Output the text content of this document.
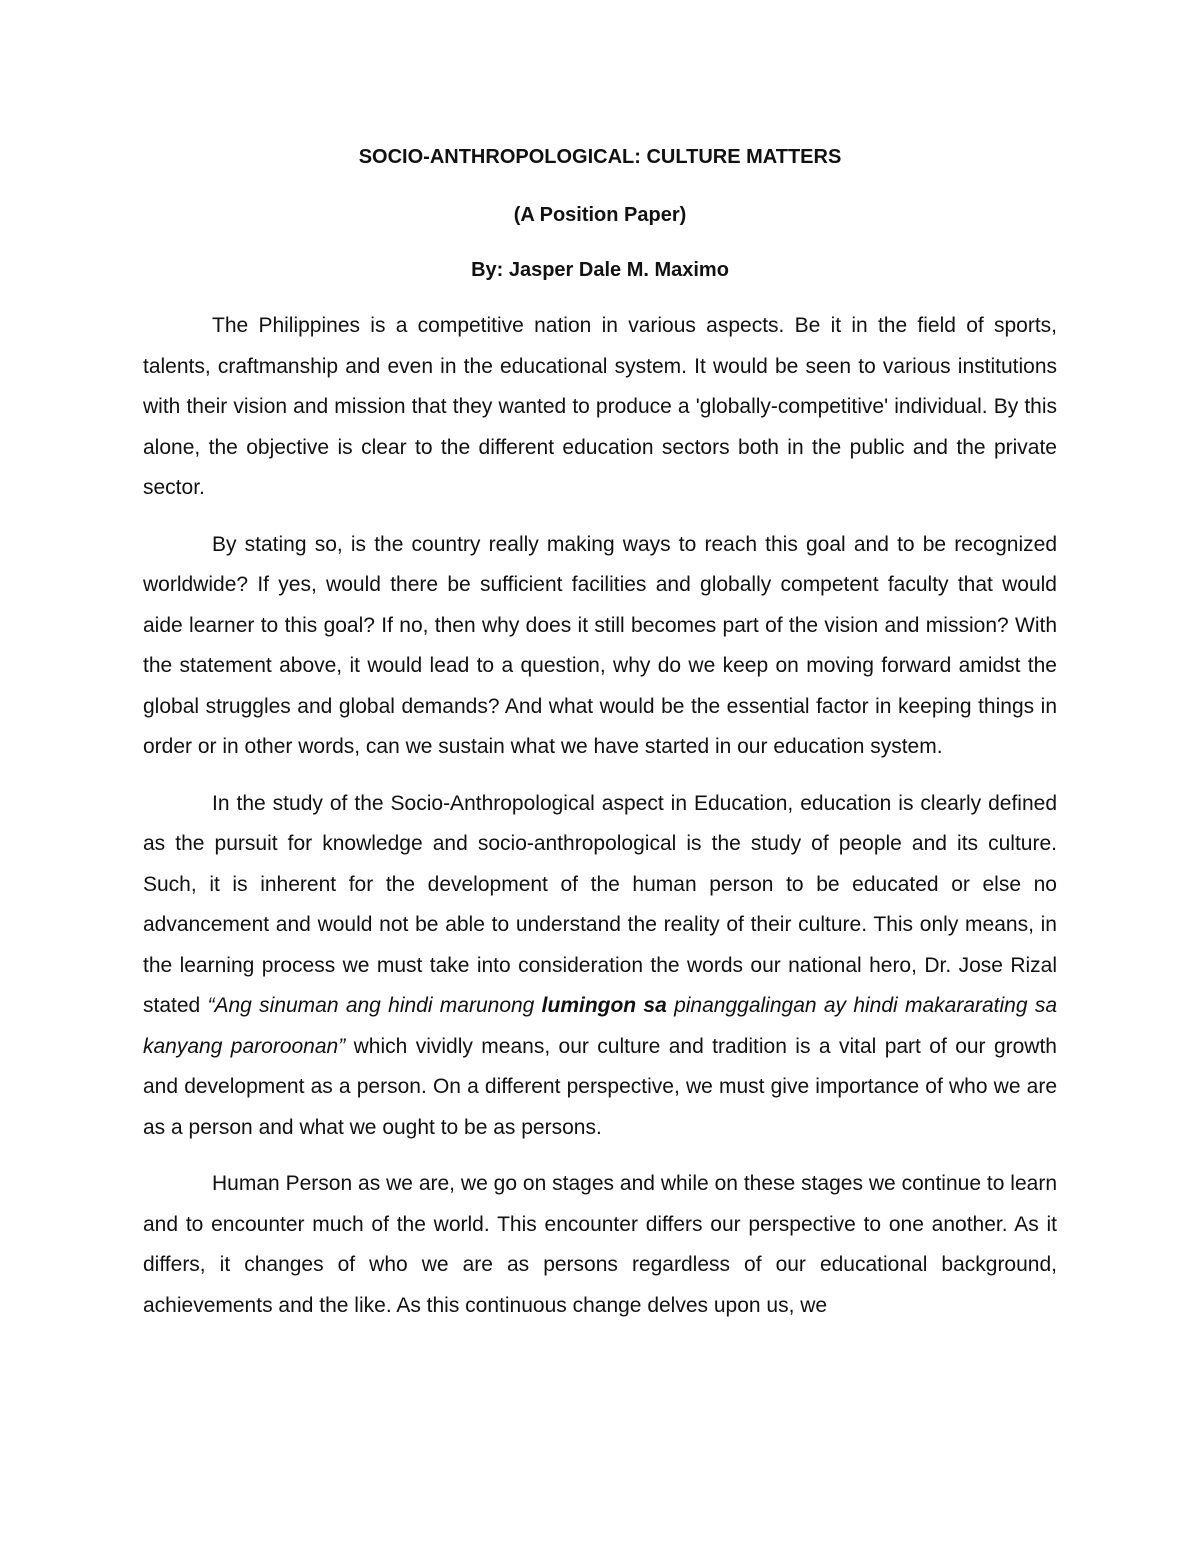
SOCIO-ANTHROPOLOGICAL: CULTURE MATTERS
(A Position Paper)
By: Jasper Dale M. Maximo

The Philippines is a competitive nation in various aspects. Be it in the field of sports, talents, craftmanship and even in the educational system. It would be seen to various institutions with their vision and mission that they wanted to produce a 'globally-competitive' individual. By this alone, the objective is clear to the different education sectors both in the public and the private sector.

By stating so, is the country really making ways to reach this goal and to be recognized worldwide? If yes, would there be sufficient facilities and globally competent faculty that would aide learner to this goal? If no, then why does it still becomes part of the vision and mission? With the statement above, it would lead to a question, why do we keep on moving forward amidst the global struggles and global demands? And what would be the essential factor in keeping things in order or in other words, can we sustain what we have started in our education system.

In the study of the Socio-Anthropological aspect in Education, education is clearly defined as the pursuit for knowledge and socio-anthropological is the study of people and its culture. Such, it is inherent for the development of the human person to be educated or else no advancement and would not be able to understand the reality of their culture. This only means, in the learning process we must take into consideration the words our national hero, Dr. Jose Rizal stated “Ang sinuman ang hindi marunong lumingon sa pinanggalingan ay hindi makararating sa kanyang paroroonan” which vividly means, our culture and tradition is a vital part of our growth and development as a person. On a different perspective, we must give importance of who we are as a person and what we ought to be as persons.

Human Person as we are, we go on stages and while on these stages we continue to learn and to encounter much of the world. This encounter differs our perspective to one another. As it differs, it changes of who we are as persons regardless of our educational background, achievements and the like. As this continuous change delves upon us, we
